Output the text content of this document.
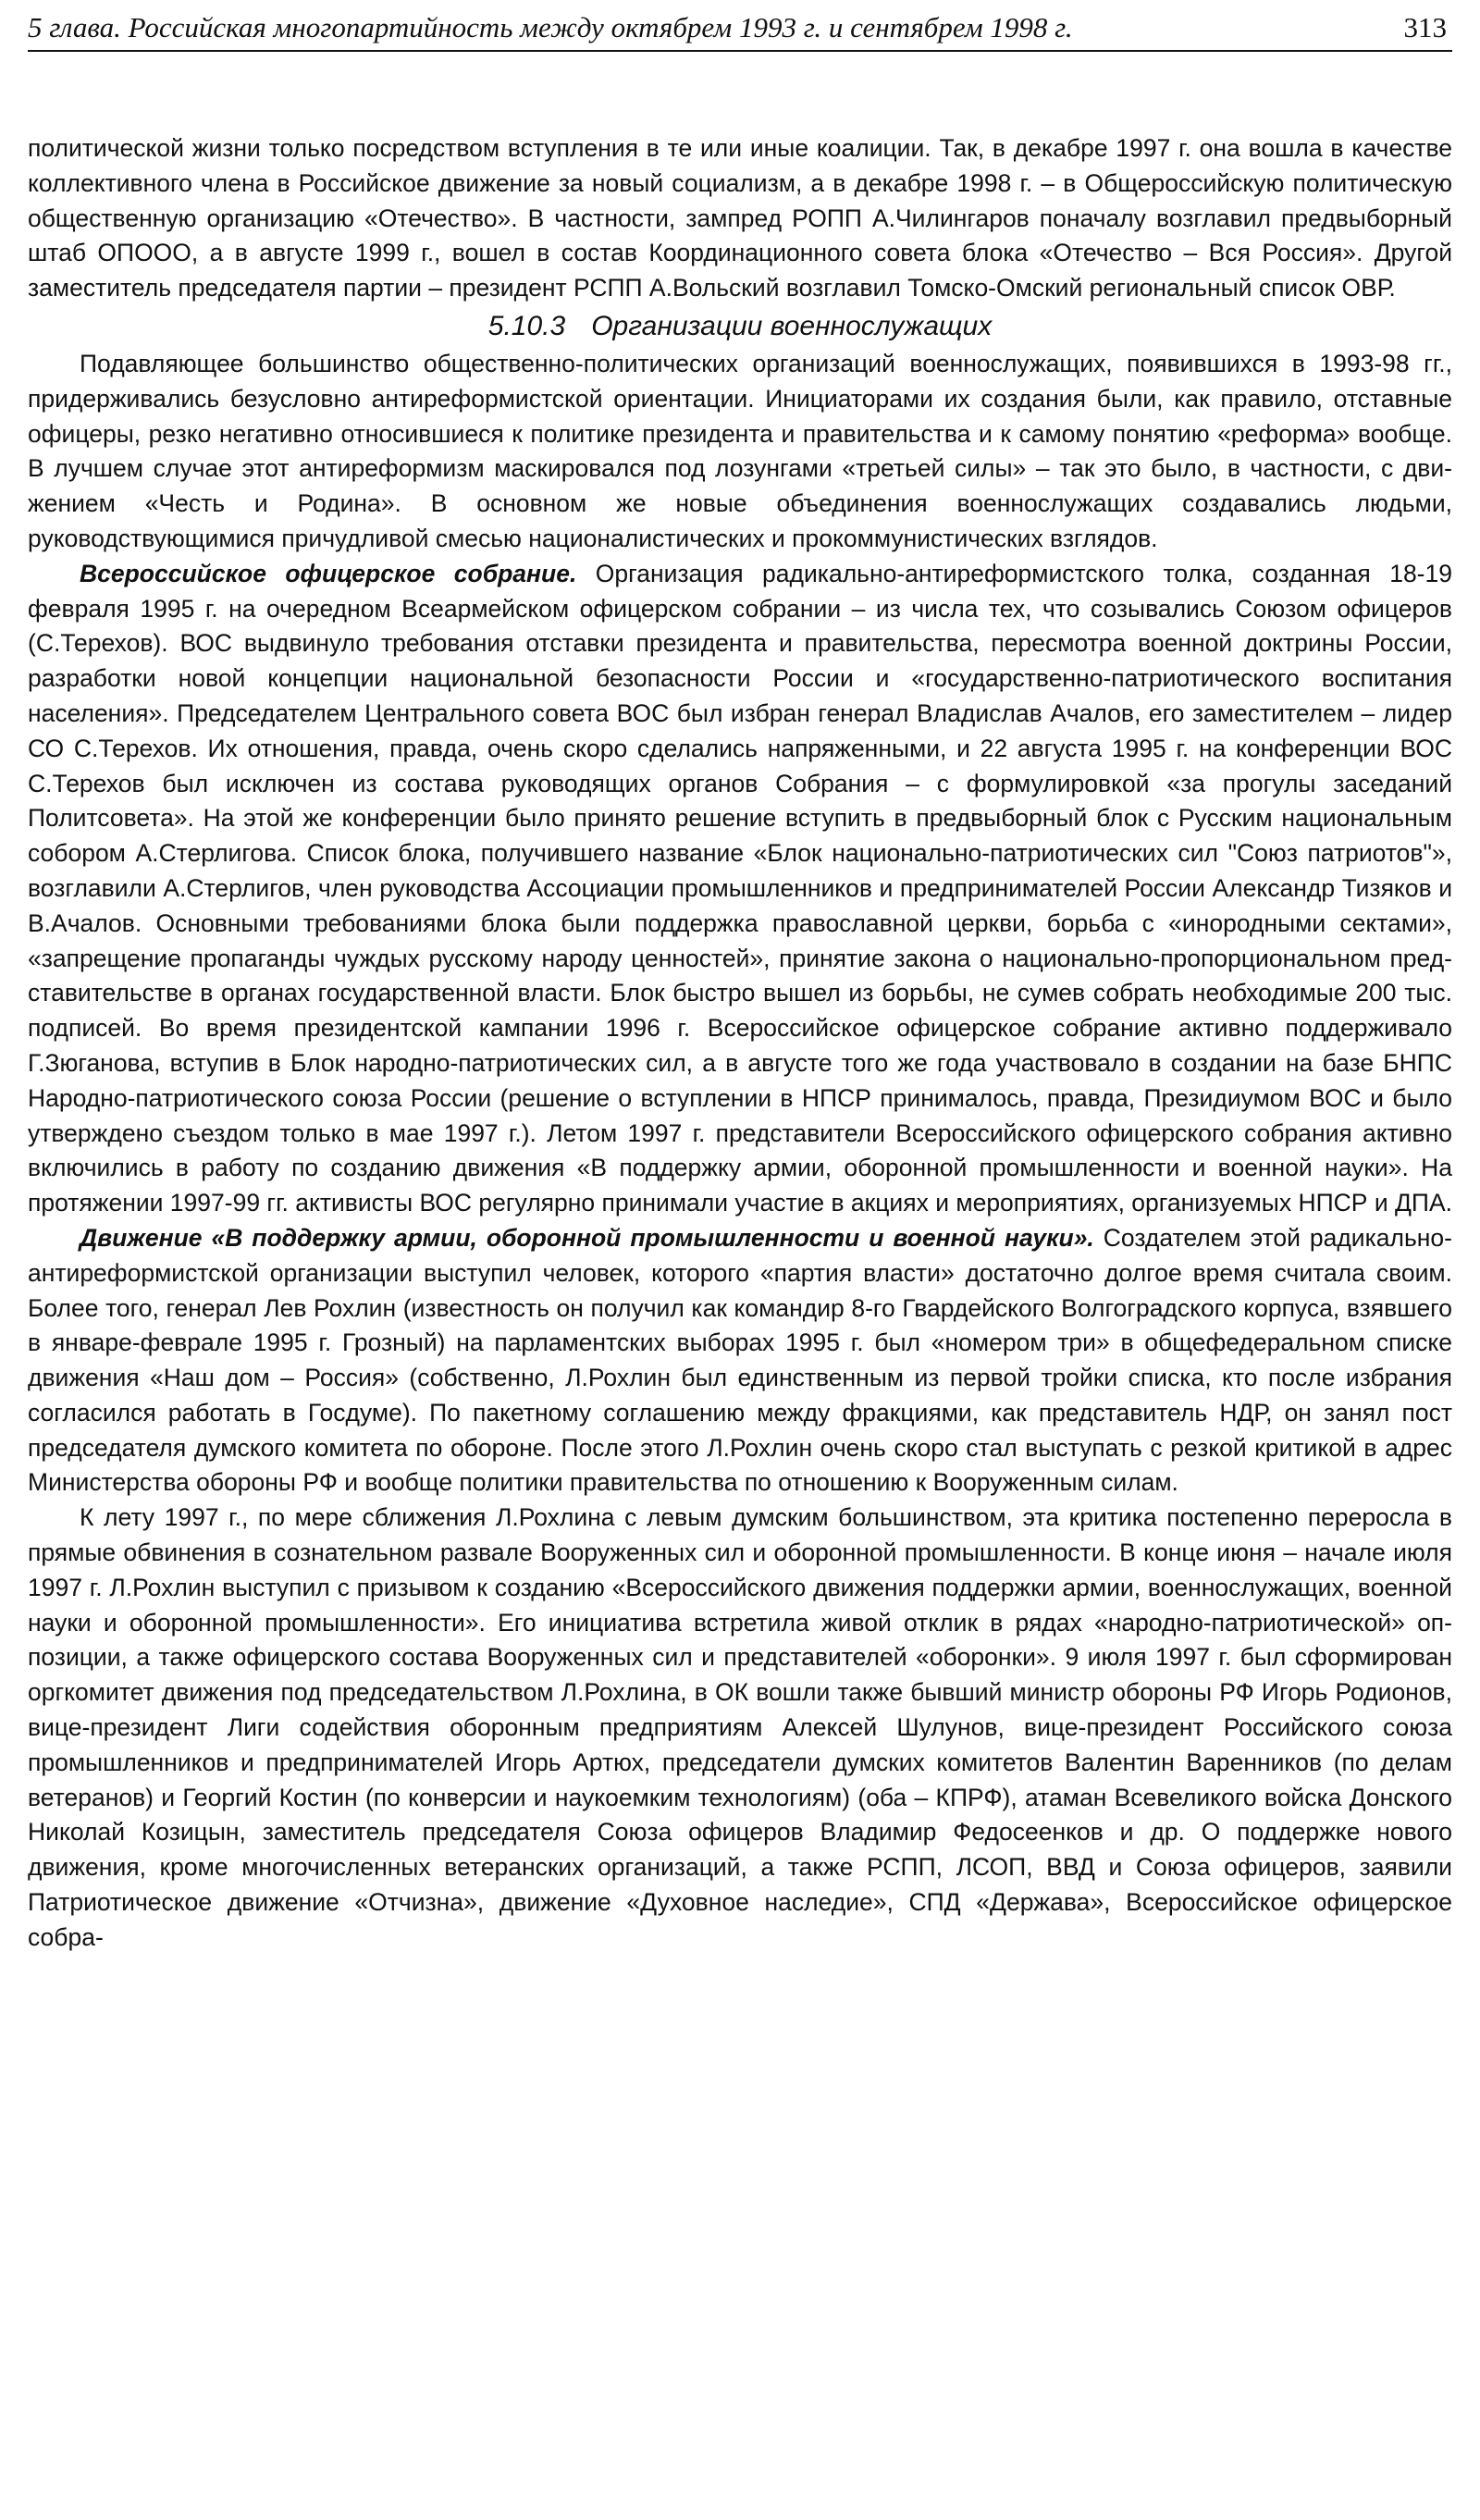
5 глава. Российская многопартийность между октябрем 1993 г. и сентябрем 1998 г.	313

политической жизни только посредством вступления в те или иные коалиции. Так, в декабре 1997 г. она вошла в качестве коллективного члена в Российское движение за новый социализм, а в декабре 1998 г. – в Общероссийскую политическую общественную организацию «Отечество». В частности, зампред РОПП А.Чилингаров поначалу возглавил предвыборный штаб ОПООО, а в августе 1999 г., вошел в состав Координационного совета блока «Отечество – Вся Россия». Другой заместитель председателя партии – президент РСПП А.Вольский возглавил Томско-Омский региональный список ОВР.

5.10.3 Организации военнослужащих

Подавляющее большинство общественно-политических организаций военнослужащих, появившихся в 1993-98 гг., придерживались безусловно антиреформистской ориентации. Инициаторами их создания были, как правило, отставные офицеры, резко негативно относившиеся к политике президента и правительства и к самому понятию «реформа» вообще. В лучшем случае этот антиреформизм маскировался под лозунгами «третьей силы» – так это было, в частности, с движением «Честь и Родина». В основном же новые объединения военнослужащих создавались людьми, руководствующимися причудливой смесью националистических и прокоммунистических взглядов.

Всероссийское офицерское собрание. Организация радикально-антиреформистского толка, созданная 18-19 февраля 1995 г. на очередном Всеармейском офицерском собрании – из числа тех, что созывались Союзом офицеров (С.Терехов). ВОС выдвинуло требования отставки президента и правительства, пересмотра военной доктрины России, разработки новой концепции национальной безопасности России и «государственно-патриотического воспитания населения». Председателем Центрального совета ВОС был избран генерал Владислав Ачалов, его заместителем – лидер СО С.Терехов. Их отношения, правда, очень скоро сделались напряженными, и 22 августа 1995 г. на конференции ВОС С.Терехов был исключен из состава руководящих органов Собрания – с формулировкой «за прогулы заседаний Политсовета». На этой же конференции было принято решение вступить в предвыборный блок с Русским национальным собором А.Стерлигова. Список блока, получившего название «Блок национально-патриотических сил "Союз патриотов"», возглавили А.Стерлигов, член руководства Ассоциации промышленников и предпринимателей России Александр Тизяков и В.Ачалов. Основными требованиями блока были поддержка православной церкви, борьба с «инородными сектами», «запрещение пропаганды чуждых русскому народу ценностей», принятие закона о национально-пропорциональном представительстве в органах государственной власти. Блок быстро вышел из борьбы, не сумев собрать необходимые 200 тыс. подписей. Во время президентской кампании 1996 г. Всероссийское офицерское собрание активно поддерживало Г.Зюганова, вступив в Блок народно-патриотических сил, а в августе того же года участвовало в создании на базе БНПС Народно-патриотического союза России (решение о вступлении в НПСР принималось, правда, Президиумом ВОС и было утверждено съездом только в мае 1997 г.). Летом 1997 г. представители Всероссийского офицерского собрания активно включились в работу по созданию движения «В поддержку армии, оборонной промышленности и военной науки». На протяжении 1997-99 гг. активисты ВОС регулярно принимали участие в акциях и мероприятиях, организуемых НПСР и ДПА.

Движение «В поддержку армии, оборонной промышленности и военной науки». Создателем этой радикально-антиреформистской организации выступил человек, которого «партия власти» достаточно долгое время считала своим. Более того, генерал Лев Рохлин (известность он получил как командир 8-го Гвардейского Волгоградского корпуса, взявшего в январе-феврале 1995 г. Грозный) на парламентских выборах 1995 г. был «номером три» в общефедеральном списке движения «Наш дом – Россия» (собственно, Л.Рохлин был единственным из первой тройки списка, кто после избрания согласился работать в Госдуме). По пакетному соглашению между фракциями, как представитель НДР, он занял пост председателя думского комитета по обороне. После этого Л.Рохлин очень скоро стал выступать с резкой критикой в адрес Министерства обороны РФ и вообще политики правительства по отношению к Вооруженным силам.

К лету 1997 г., по мере сближения Л.Рохлина с левым думским большинством, эта критика постепенно переросла в прямые обвинения в сознательном развале Вооруженных сил и оборонной промышленности. В конце июня – начале июля 1997 г. Л.Рохлин выступил с призывом к созданию «Всероссийского движения поддержки армии, военнослужащих, военной науки и оборонной промышленности». Его инициатива встретила живой отклик в рядах «народно-патриотической» оппозиции, а также офицерского состава Вооруженных сил и представителей «оборонки». 9 июля 1997 г. был сформирован оргкомитет движения под председательством Л.Рохлина, в ОК вошли также бывший министр обороны РФ Игорь Родионов, вице-президент Лиги содействия оборонным предприятиям Алексей Шулунов, вице-президент Российского союза промышленников и предпринимателей Игорь Артюх, председатели думских комитетов Валентин Варенников (по делам ветеранов) и Георгий Костин (по конверсии и наукоемким технологиям) (оба – КПРФ), атаман Всевеликого войска Донского Николай Козицын, заместитель председателя Союза офицеров Владимир Федосеенков и др. О поддержке нового движения, кроме многочисленных ветеранских организаций, а также РСПП, ЛСОП, ВВД и Союза офицеров, заявили Патриотическое движение «Отчизна», движение «Духовное наследие», СПД «Держава», Всероссийское офицерское собра-
